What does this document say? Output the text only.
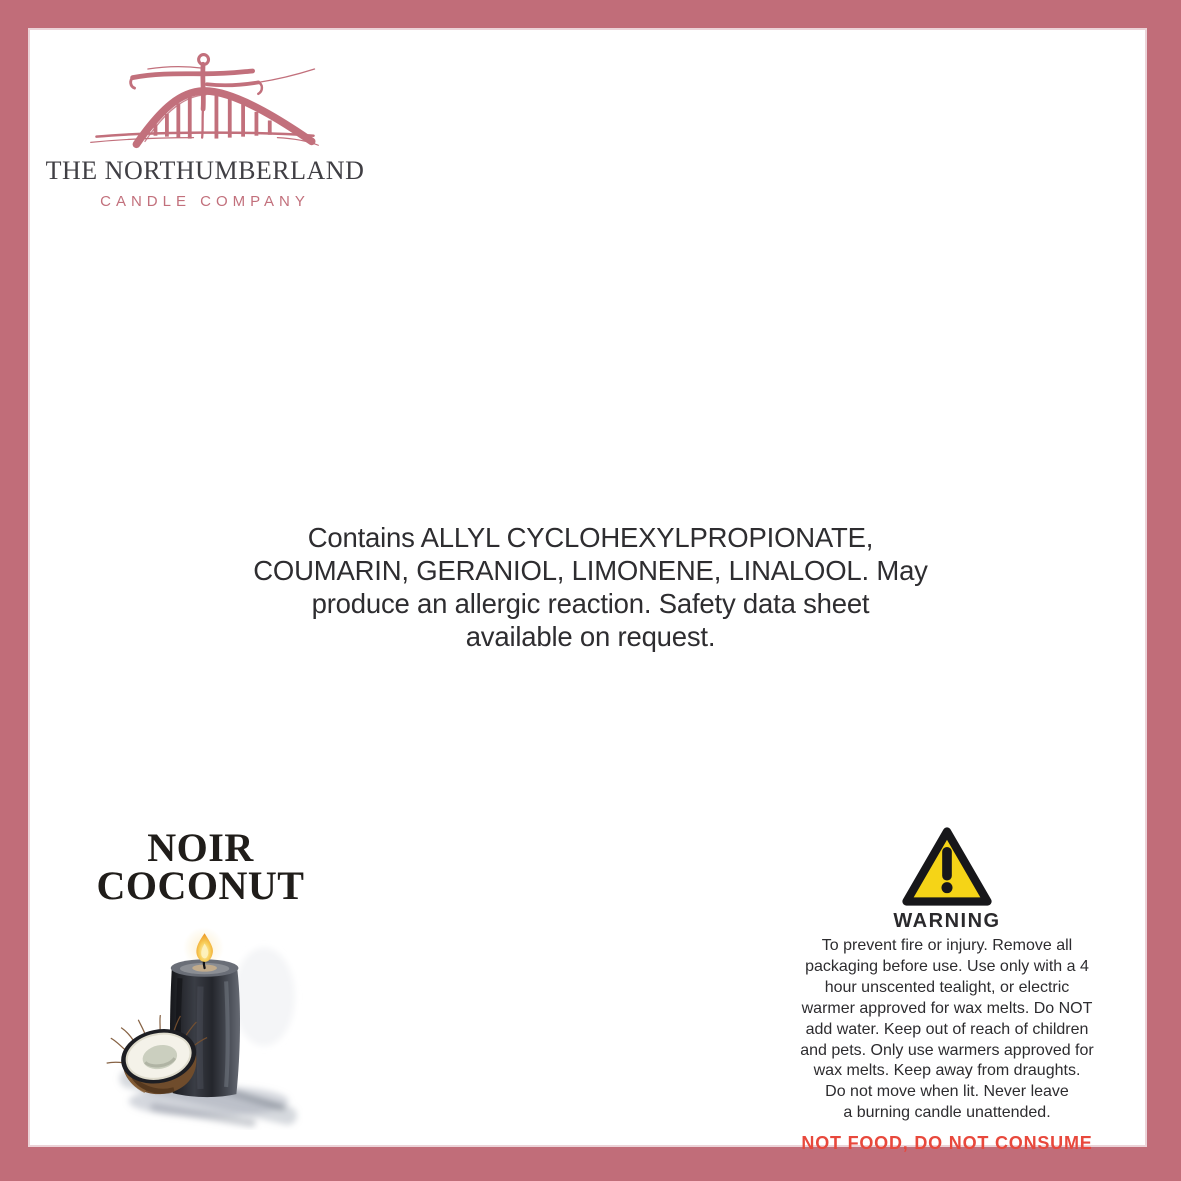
THE NORTHUMBERLAND
CANDLE COMPANY
Contains ALLYL CYCLOHEXYLPROPIONATE,
COUMARIN, GERANIOL, LIMONENE, LINALOOL. May
produce an allergic reaction. Safety data sheet
available on request.
NOIR
COCONUT
WARNING
To prevent fire or injury. Remove all
packaging before use. Use only with a 4
hour unscented tealight, or electric
warmer approved for wax melts. Do NOT
add water. Keep out of reach of children
and pets. Only use warmers approved for
wax melts. Keep away from draughts.
Do not move when lit. Never leave
a burning candle unattended.
NOT FOOD, DO NOT CONSUME
